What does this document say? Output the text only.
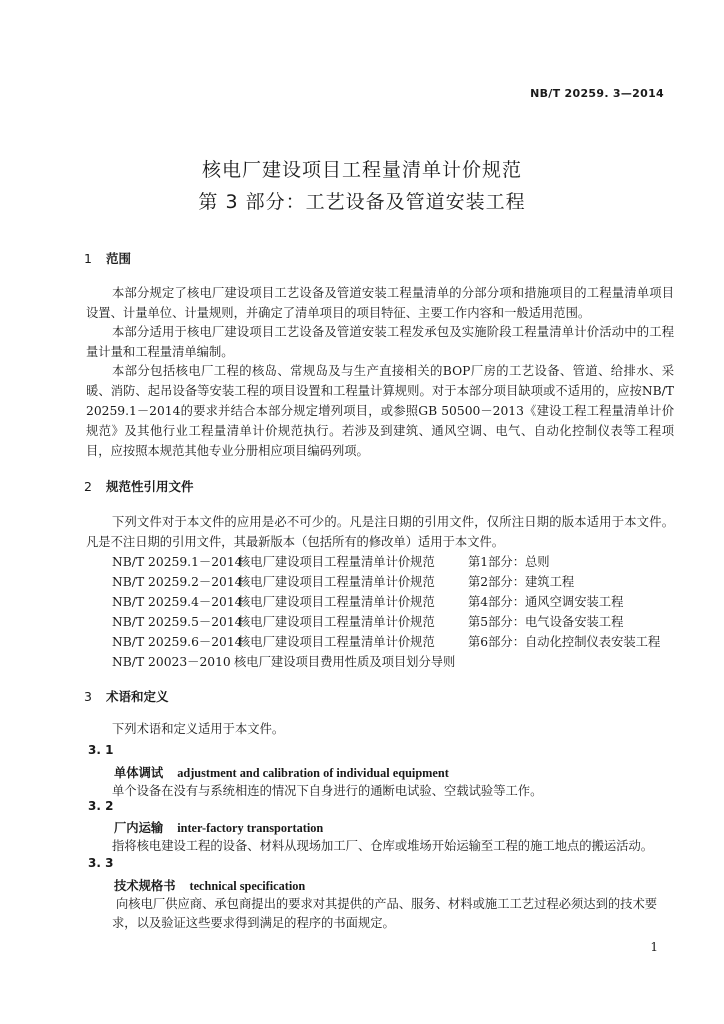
NB/T 20259. 3—2014
核电厂建设项目工程量清单计价规范
第 3 部分：工艺设备及管道安装工程
1 范围
本部分规定了核电厂建设项目工艺设备及管道安装工程量清单的分部分项和措施项目的工程量清单项目设置、计量单位、计量规则，并确定了清单项目的项目特征、主要工作内容和一般适用范围。
本部分适用于核电厂建设项目工艺设备及管道安装工程发承包及实施阶段工程量清单计价活动中的工程量计量和工程量清单编制。
本部分包括核电厂工程的核岛、常规岛及与生产直接相关的BOP厂房的工艺设备、管道、给排水、采暖、消防、起吊设备等安装工程的项目设置和工程量计算规则。对于本部分项目缺项或不适用的，应按NB/T 20259.1－2014的要求并结合本部分规定增列项目，或参照GB 50500－2013《建设工程工程量清单计价规范》及其他行业工程量清单计价规范执行。若涉及到建筑、通风空调、电气、自动化控制仪表等工程项目，应按照本规范其他专业分册相应项目编码列项。
2 规范性引用文件
下列文件对于本文件的应用是必不可少的。凡是注日期的引用文件，仅所注日期的版本适用于本文件。凡是不注日期的引用文件，其最新版本（包括所有的修改单）适用于本文件。
NB/T 20259.1－2014核电厂建设项目工程量清单计价规范	第1部分：总则
NB/T 20259.2－2014核电厂建设项目工程量清单计价规范	第2部分：建筑工程
NB/T 20259.4－2014核电厂建设项目工程量清单计价规范	第4部分：通风空调安装工程
NB/T 20259.5－2014核电厂建设项目工程量清单计价规范	第5部分：电气设备安装工程
NB/T 20259.6－2014核电厂建设项目工程量清单计价规范	第6部分：自动化控制仪表安装工程
NB/T 20023－2010 核电厂建设项目费用性质及项目划分导则
3 术语和定义
下列术语和定义适用于本文件。
3. 1
单体调试 adjustment and calibration of individual equipment
单个设备在没有与系统相连的情况下自身进行的通断电试验、空载试验等工作。
3. 2
厂内运输 inter-factory transportation
指将核电建设工程的设备、材料从现场加工厂、仓库或堆场开始运输至工程的施工地点的搬运活动。
3. 3
技术规格书 technical specification
向核电厂供应商、承包商提出的要求对其提供的产品、服务、材料或施工工艺过程必须达到的技术要求，以及验证这些要求得到满足的程序的书面规定。
1
